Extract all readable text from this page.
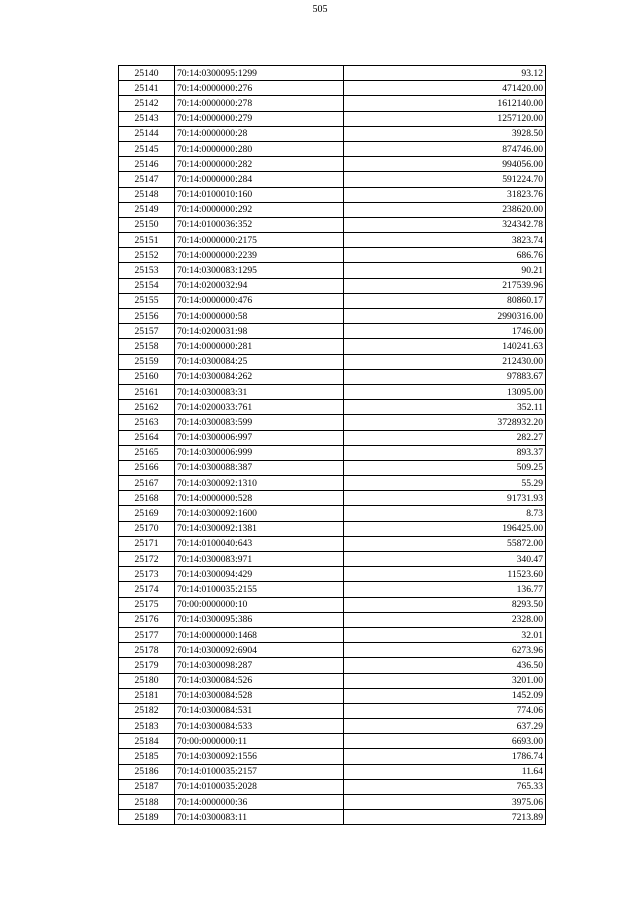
505
25140	70:14:0300095:1299	93.12
25141	70:14:0000000:276	471420.00
25142	70:14:0000000:278	1612140.00
25143	70:14:0000000:279	1257120.00
25144	70:14:0000000:28	3928.50
25145	70:14:0000000:280	874746.00
25146	70:14:0000000:282	994056.00
25147	70:14:0000000:284	591224.70
25148	70:14:0100010:160	31823.76
25149	70:14:0000000:292	238620.00
25150	70:14:0100036:352	324342.78
25151	70:14:0000000:2175	3823.74
25152	70:14:0000000:2239	686.76
25153	70:14:0300083:1295	90.21
25154	70:14:0200032:94	217539.96
25155	70:14:0000000:476	80860.17
25156	70:14:0000000:58	2990316.00
25157	70:14:0200031:98	1746.00
25158	70:14:0000000:281	140241.63
25159	70:14:0300084:25	212430.00
25160	70:14:0300084:262	97883.67
25161	70:14:0300083:31	13095.00
25162	70:14:0200033:761	352.11
25163	70:14:0300083:599	3728932.20
25164	70:14:0300006:997	282.27
25165	70:14:0300006:999	893.37
25166	70:14:0300088:387	509.25
25167	70:14:0300092:1310	55.29
25168	70:14:0000000:528	91731.93
25169	70:14:0300092:1600	8.73
25170	70:14:0300092:1381	196425.00
25171	70:14:0100040:643	55872.00
25172	70:14:0300083:971	340.47
25173	70:14:0300094:429	11523.60
25174	70:14:0100035:2155	136.77
25175	70:00:0000000:10	8293.50
25176	70:14:0300095:386	2328.00
25177	70:14:0000000:1468	32.01
25178	70:14:0300092:6904	6273.96
25179	70:14:0300098:287	436.50
25180	70:14:0300084:526	3201.00
25181	70:14:0300084:528	1452.09
25182	70:14:0300084:531	774.06
25183	70:14:0300084:533	637.29
25184	70:00:0000000:11	6693.00
25185	70:14:0300092:1556	1786.74
25186	70:14:0100035:2157	11.64
25187	70:14:0100035:2028	765.33
25188	70:14:0000000:36	3975.06
25189	70:14:0300083:11	7213.89
